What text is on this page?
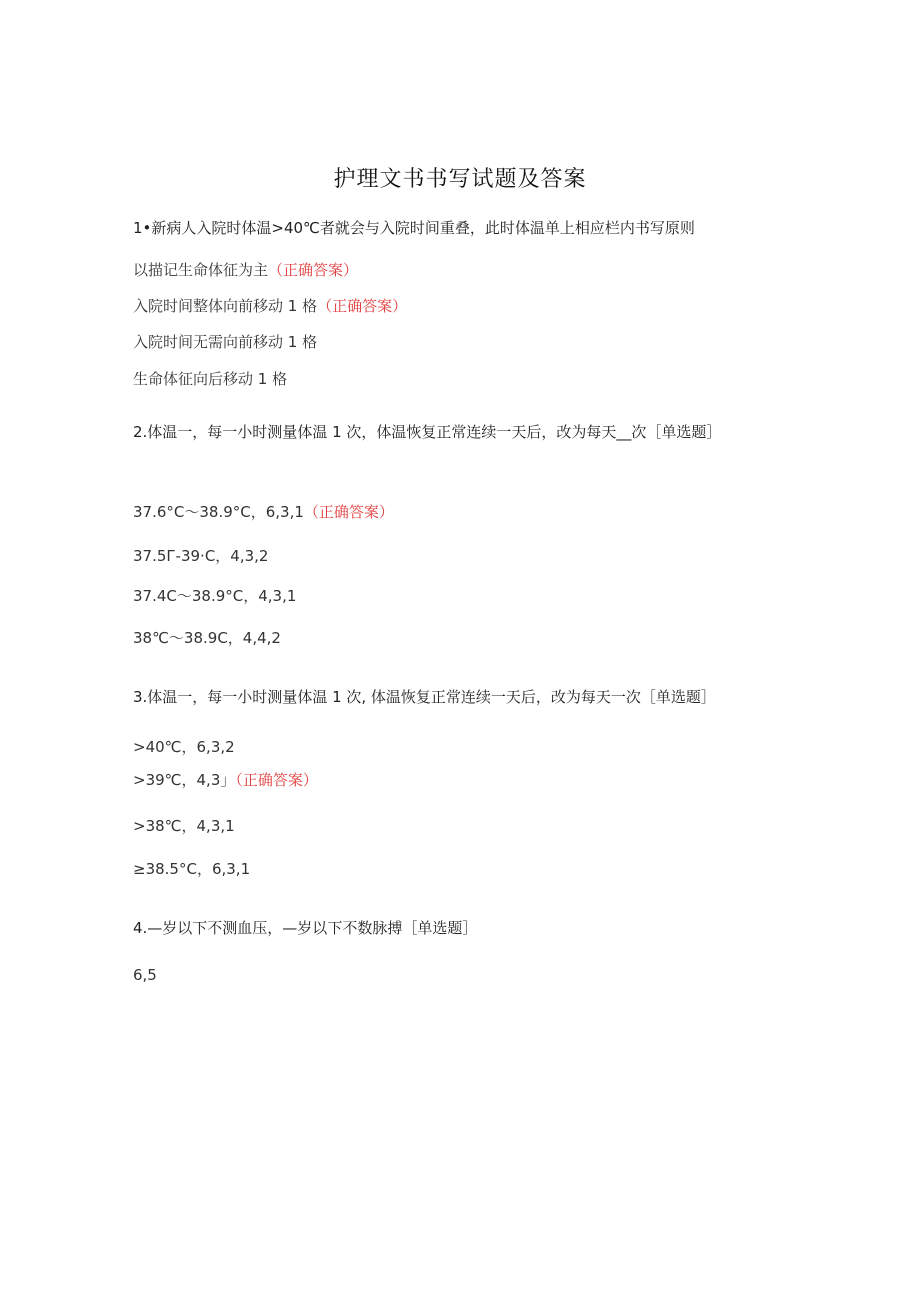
护理文书书写试题及答案
1•新病人入院时体温>40℃者就会与入院时间重叠，此时体温单上相应栏内书写原则
以描记生命体征为主（正确答案）
入院时间整体向前移动 1 格（正确答案）
入院时间无需向前移动 1 格
生命体征向后移动 1 格
2.体温一，每一小时测量体温 1 次，体温恢复正常连续一天后，改为每天__次［单选题］
37.6°C～38.9°C，6,3,1（正确答案）
37.5Г-39·C，4,3,2
37.4C～38.9°C，4,3,1
38℃～38.9C，4,4,2
3.体温一，每一小时测量体温 1 次, 体温恢复正常连续一天后，改为每天一次［单选题］
>40℃，6,3,2
>39℃，4,3」（正确答案）
>38℃，4,3,1
≥38.5°C，6,3,1
4.—岁以下不测血压，—岁以下不数脉搏［单选题］
6,5
